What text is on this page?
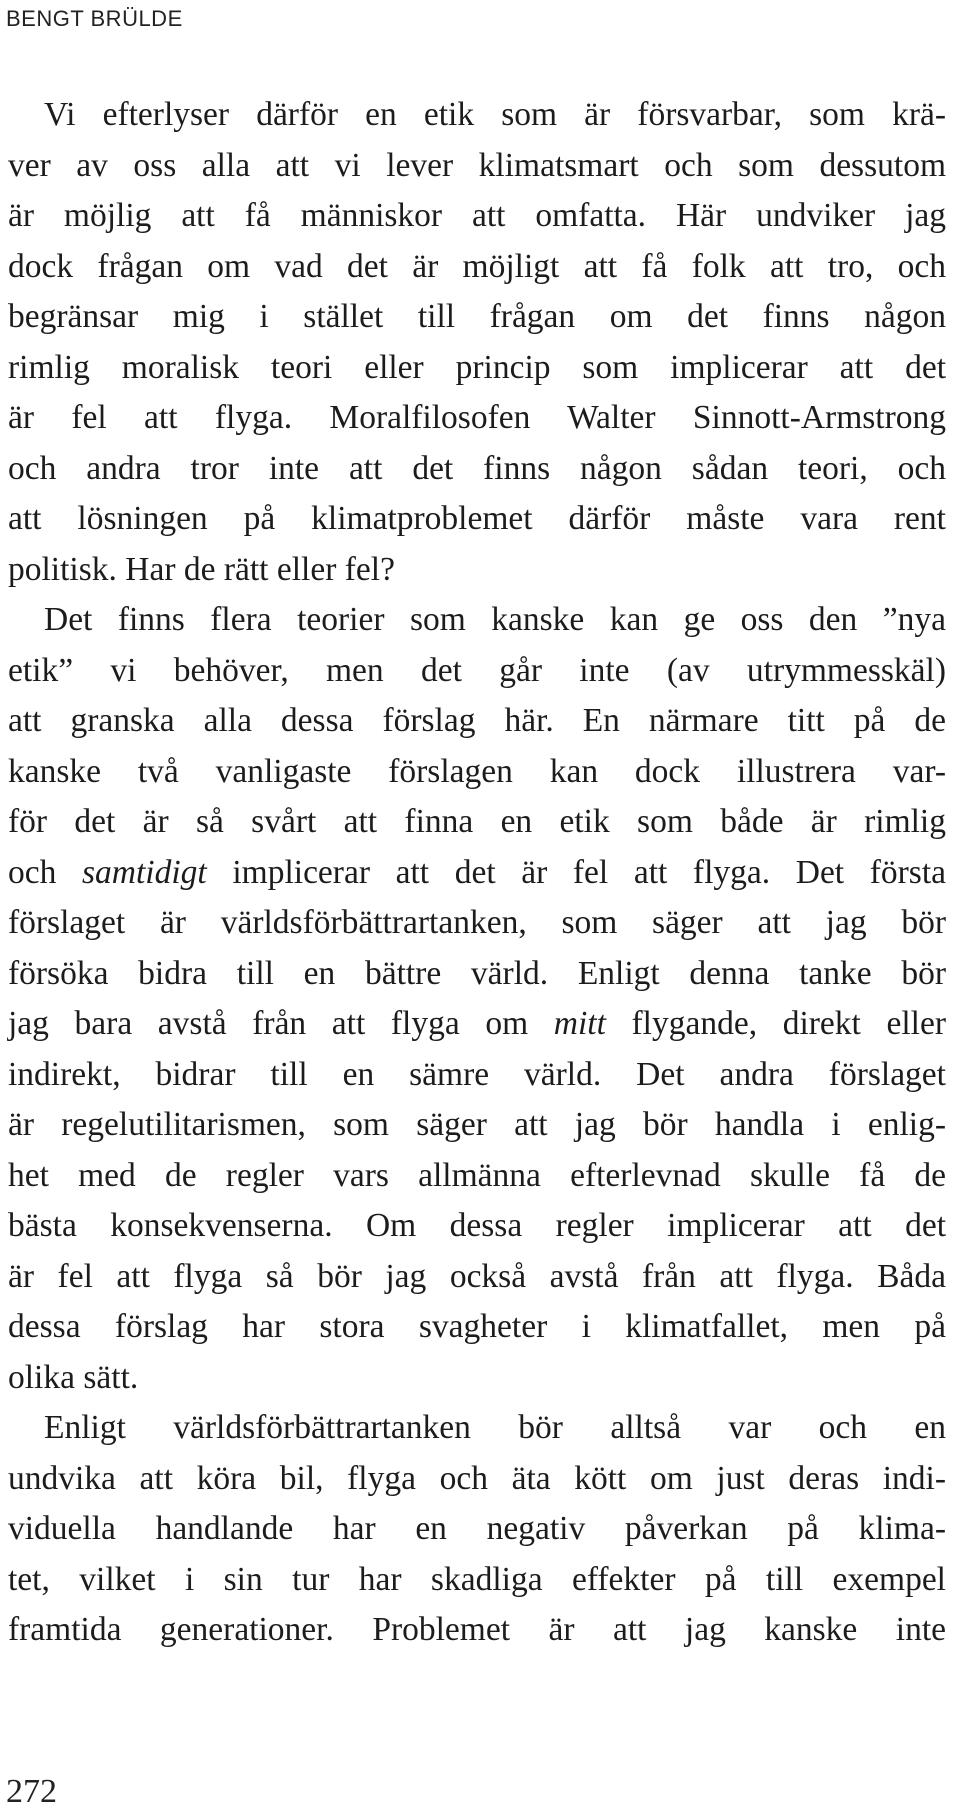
BENGT BRÜLDE
Vi efterlyser därför en etik som är försvarbar, som krä-
ver av oss alla att vi lever klimatsmart och som dessutom
är möjlig att få människor att omfatta. Här undviker jag
dock frågan om vad det är möjligt att få folk att tro, och
begränsar mig i stället till frågan om det finns någon
rimlig moralisk teori eller princip som implicerar att det
är fel att flyga. Moralfilosofen Walter Sinnott-Armstrong
och andra tror inte att det finns någon sådan teori, och
att lösningen på klimatproblemet därför måste vara rent
politisk. Har de rätt eller fel?
Det finns flera teorier som kanske kan ge oss den ”nya
etik” vi behöver, men det går inte (av utrymmesskäl)
att granska alla dessa förslag här. En närmare titt på de
kanske två vanligaste förslagen kan dock illustrera var-
för det är så svårt att finna en etik som både är rimlig
och samtidigt implicerar att det är fel att flyga. Det första
förslaget är världsförbättrartanken, som säger att jag bör
försöka bidra till en bättre värld. Enligt denna tanke bör
jag bara avstå från att flyga om mitt flygande, direkt eller
indirekt, bidrar till en sämre värld. Det andra förslaget
är regelutilitarismen, som säger att jag bör handla i enlig-
het med de regler vars allmänna efterlevnad skulle få de
bästa konsekvenserna. Om dessa regler implicerar att det
är fel att flyga så bör jag också avstå från att flyga. Båda
dessa förslag har stora svagheter i klimatfallet, men på
olika sätt.
Enligt världsförbättrartanken bör alltså var och en
undvika att köra bil, flyga och äta kött om just deras indi-
viduella handlande har en negativ påverkan på klima-
tet, vilket i sin tur har skadliga effekter på till exempel
framtida generationer. Problemet är att jag kanske inte
272
